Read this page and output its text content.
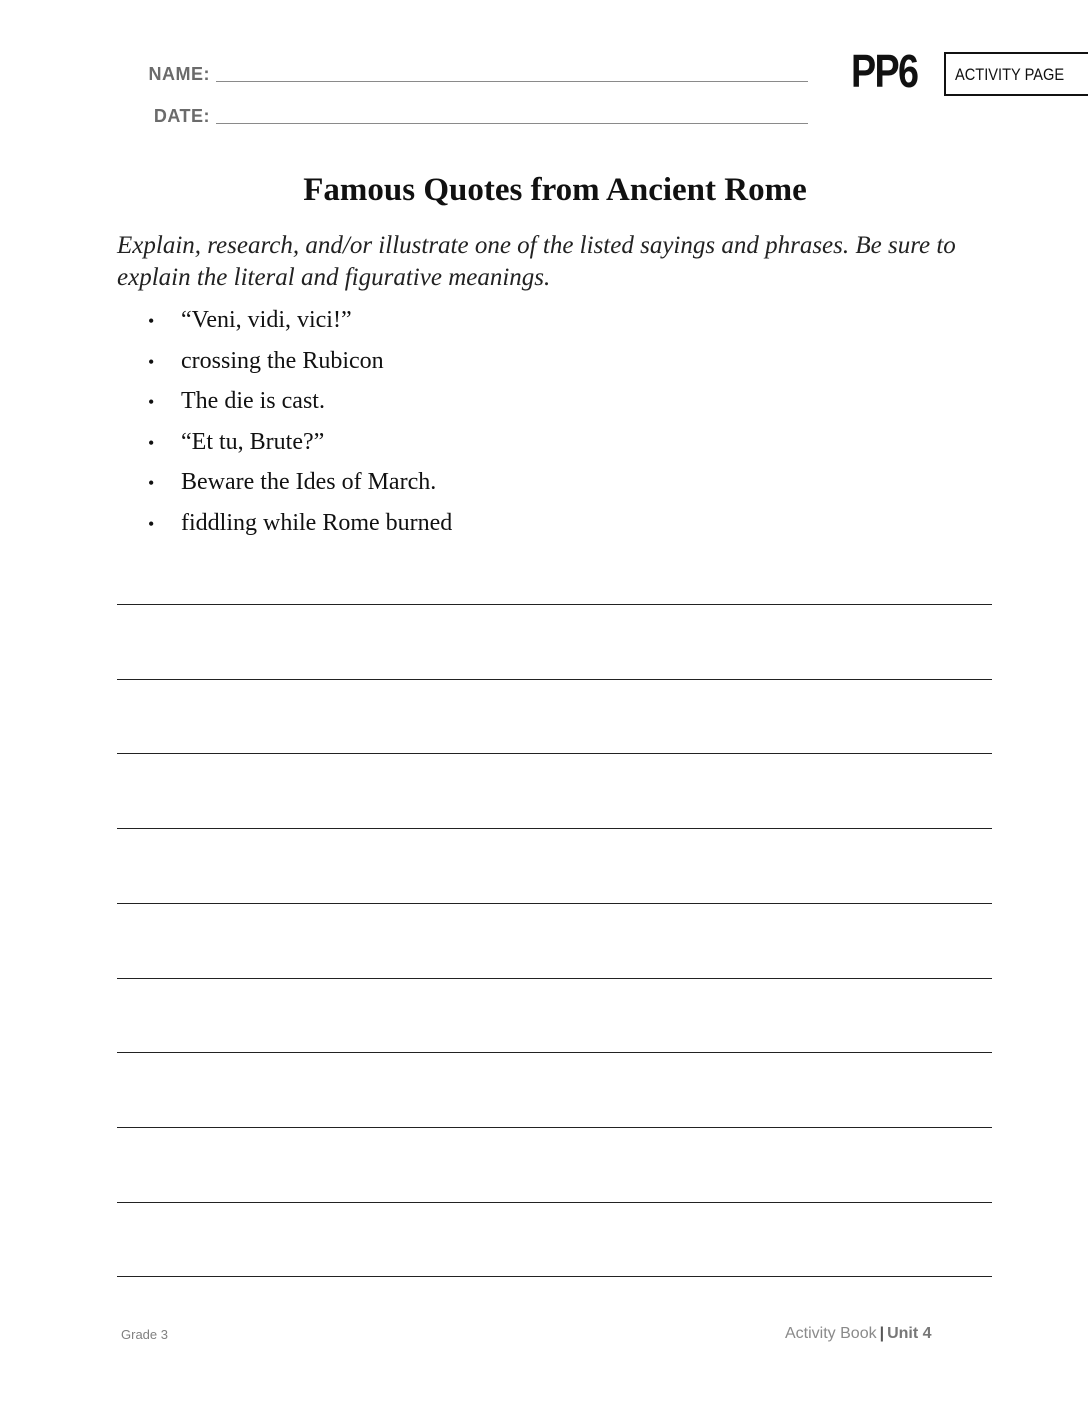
NAME:
DATE:
PP6	ACTIVITY PAGE
Famous Quotes from Ancient Rome
Explain, research, and/or illustrate one of the listed sayings and phrases. Be sure to explain the literal and figurative meanings.
•	“Veni, vidi, vici!”
•	crossing the Rubicon
•	The die is cast.
•	“Et tu, Brute?”
•	Beware the Ides of March.
•	fiddling while Rome burned
Grade 3	Activity Book | Unit 4
